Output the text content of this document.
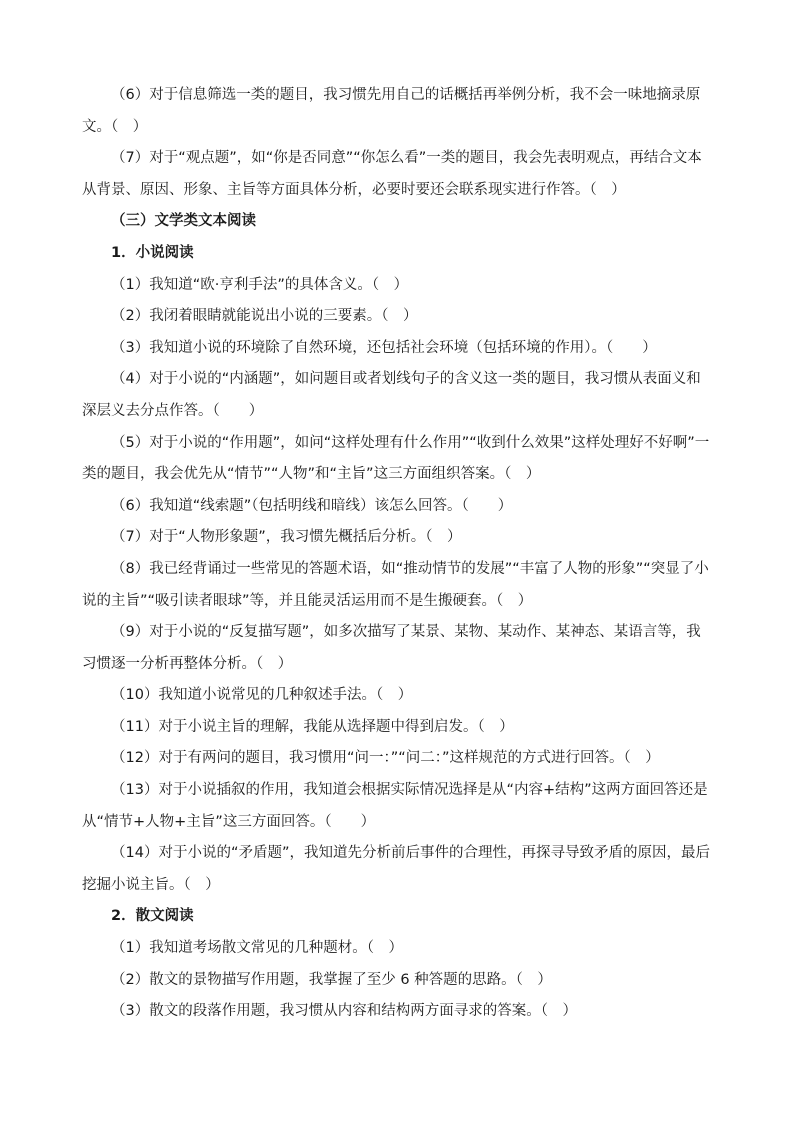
（6）对于信息筛选一类的题目，我习惯先用自己的话概括再举例分析，我不会一味地摘录原文。（　）

（7）对于“观点题”，如“你是否同意”“你怎么看”一类的题目，我会先表明观点，再结合文本从背景、原因、形象、主旨等方面具体分析，必要时要还会联系现实进行作答。（　）

（三）文学类文本阅读

1．小说阅读

（1）我知道“欧·亨利手法”的具体含义。（　）

（2）我闭着眼睛就能说出小说的三要素。（　）

（3）我知道小说的环境除了自然环境，还包括社会环境（包括环境的作用）。（　　）

（4）对于小说的“内涵题”，如问题目或者划线句子的含义这一类的题目，我习惯从表面义和深层义去分点作答。（　　）

（5）对于小说的“作用题”，如问“这样处理有什么作用”“收到什么效果”这样处理好不好啊”一类的题目，我会优先从“情节”“人物”和“主旨”这三方面组织答案。（　）

（6）我知道“线索题”（包括明线和暗线）该怎么回答。（　　）

（7）对于“人物形象题”，我习惯先概括后分析。（　）

（8）我已经背诵过一些常见的答题术语，如“推动情节的发展”“丰富了人物的形象”“突显了小说的主旨”“吸引读者眼球”等，并且能灵活运用而不是生搬硬套。（　）

（9）对于小说的“反复描写题”，如多次描写了某景、某物、某动作、某神态、某语言等，我习惯逐一分析再整体分析。（　）

（10）我知道小说常见的几种叙述手法。（　）

（11）对于小说主旨的理解，我能从选择题中得到启发。（　）

（12）对于有两问的题目，我习惯用“问一：”“问二：”这样规范的方式进行回答。（　）

（13）对于小说插叙的作用，我知道会根据实际情况选择是从“内容+结构”这两方面回答还是从“情节+人物+主旨”这三方面回答。（　　）

（14）对于小说的“矛盾题”，我知道先分析前后事件的合理性，再探寻导致矛盾的原因，最后挖掘小说主旨。（　）

2．散文阅读

（1）我知道考场散文常见的几种题材。（　）

（2）散文的景物描写作用题，我掌握了至少 6 种答题的思路。（　）

（3）散文的段落作用题，我习惯从内容和结构两方面寻求的答案。（　）
